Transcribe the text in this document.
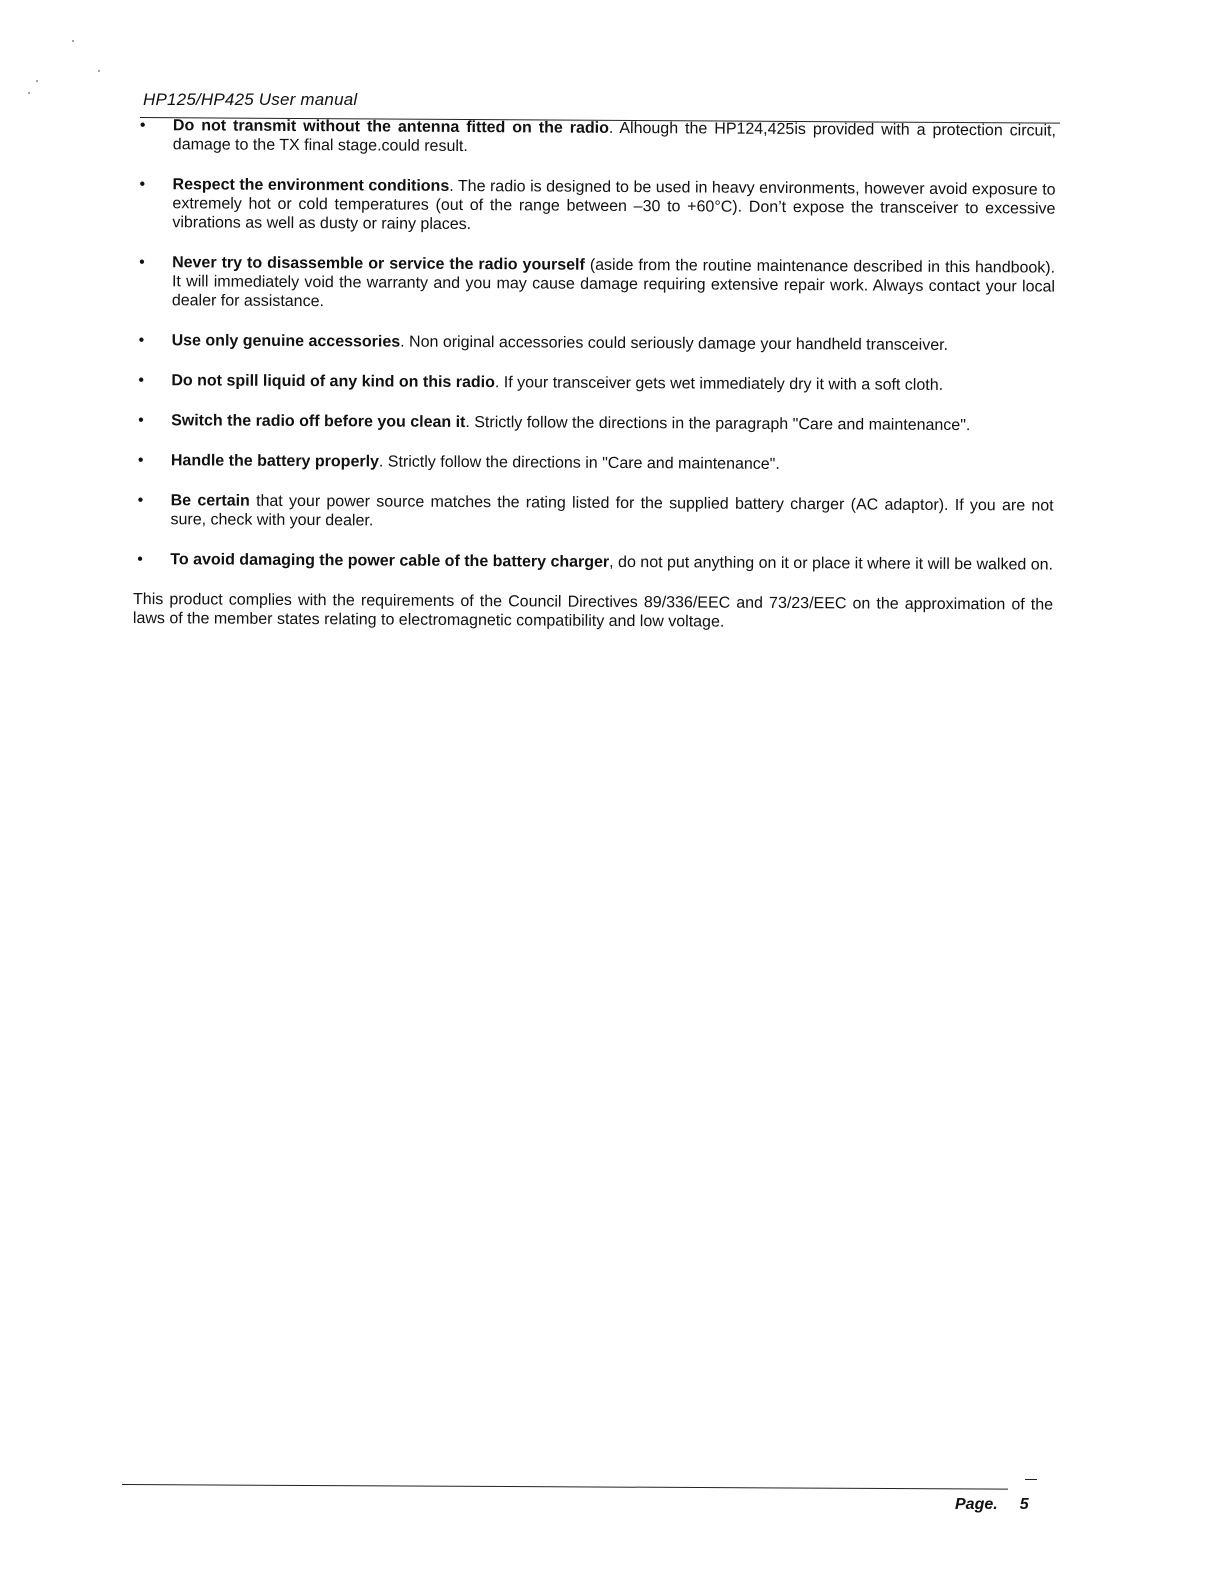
HP125/HP425 User manual
• Do not transmit without the antenna fitted on the radio. Alhough the HP124,425is provided with a protection circuit, damage to the TX final stage.could result.
• Respect the environment conditions. The radio is designed to be used in heavy environments, however avoid exposure to extremely hot or cold temperatures (out of the range between –30 to +60°C). Don’t expose the transceiver to excessive vibrations as well as dusty or rainy places.
• Never try to disassemble or service the radio yourself (aside from the routine maintenance described in this handbook). It will immediately void the warranty and you may cause damage requiring extensive repair work. Always contact your local dealer for assistance.
• Use only genuine accessories. Non original accessories could seriously damage your handheld transceiver.
• Do not spill liquid of any kind on this radio. If your transceiver gets wet immediately dry it with a soft cloth.
• Switch the radio off before you clean it. Strictly follow the directions in the paragraph "Care and maintenance".
• Handle the battery properly. Strictly follow the directions in "Care and maintenance".
• Be certain that your power source matches the rating listed for the supplied battery charger (AC adaptor). If you are not sure, check with your dealer.
• To avoid damaging the power cable of the battery charger, do not put anything on it or place it where it will be walked on.

This product complies with the requirements of the Council Directives 89/336/EEC and 73/23/EEC on the approximation of the laws of the member states relating to electromagnetic compatibility and low voltage.

Page. 5
